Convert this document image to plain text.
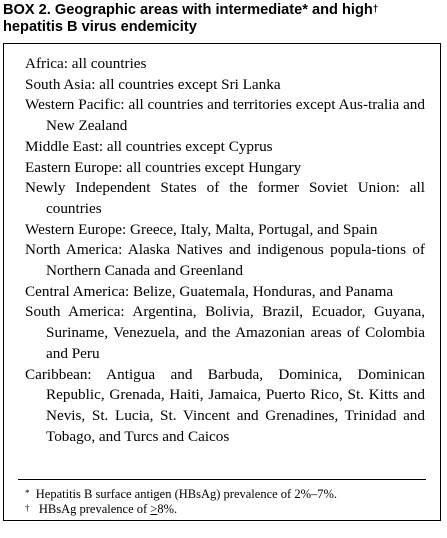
BOX 2. Geographic areas with intermediate* and high†
hepatitis B virus endemicity
Africa: all countries
South Asia: all countries except Sri Lanka
Western Pacific: all countries and territories except Aus-tralia and New Zealand
Middle East: all countries except Cyprus
Eastern Europe: all countries except Hungary
Newly Independent States of the former Soviet Union: all countries
Western Europe: Greece, Italy, Malta, Portugal, and Spain
North America: Alaska Natives and indigenous popula-tions of Northern Canada and Greenland
Central America: Belize, Guatemala, Honduras, and Panama
South America: Argentina, Bolivia, Brazil, Ecuador, Guyana, Suriname, Venezuela, and the Amazonian areas of Colombia and Peru
Caribbean: Antigua and Barbuda, Dominica, Dominican Republic, Grenada, Haiti, Jamaica, Puerto Rico, St. Kitts and Nevis, St. Lucia, St. Vincent and Grenadines, Trinidad and Tobago, and Turcs and Caicos
* Hepatitis B surface antigen (HBsAg) prevalence of 2%–7%.
† HBsAg prevalence of >8%.
